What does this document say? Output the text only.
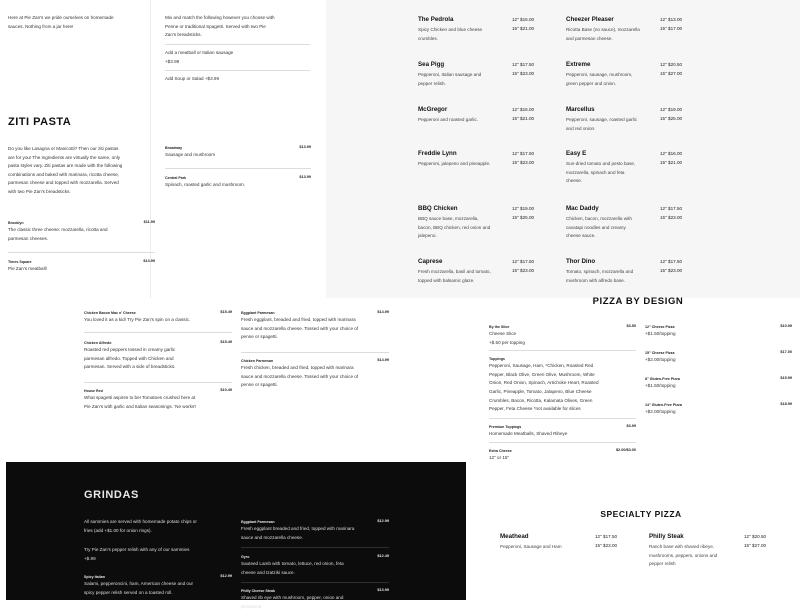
Here at Pie Zan's we pride ourselves on homemade sauces. Nothing from a jar here!
Mix and match the following however you choose with Penne or traditional Spagetti. Served with two Pie Zan's breadsticks.
Add a meatball or Italian sausage +$3.99
Add Soup or Salad +$3.99
ZITI PASTA
Do you like Lasagna or Manicotti? Then our ziti pastas are for you! The ingredients are virtually the same, only pasta styles vary. Ziti pastas are made with the following combinations and baked with marinara, ricotta cheese, parmesan cheese and topped with mozzarella. Served with two Pie Zan's breadsticks.
Brooklyn	$11.99
The classic three cheese: mozzarella, ricotta and parmesan cheeses.
Times Square	$13.99
Pie Zan's meatball!
Broadway	$13.99
Sausage and mushroom
Central Park	$13.99
Spinach, roasted garlic and mushroom.
The Pedrola
Spicy Chicken and blue cheese crumbles.
12" $16.00
15" $21.00
Cheezer Pleaser
Ricotta Base (no sauce), mozzarella and parmesan cheese.
12" $13.00
15" $17.00
Sea Pigg
Pepperoni, Italian sausage and pepper relish.
12" $17.50
15" $23.00
Extreme
Pepperoni, sausage, mushroom, green pepper and onion.
12" $20.50
15" $27.00
McGregor
Pepperoni and roasted garlic.
12" $16.00
15" $21.00
Marcellus
Pepperoni, sausage, roasted garlic and red onion.
12" $19.00
15" $25.00
Freddie Lynn
Pepperoni, jalepeno and pineapple.
12" $17.50
15" $23.00
Easy E
Sun-dried tomato and pesto base, mozzarella, spinach and feta cheese.
12" $16.00
15" $21.00
BBQ Chicken
BBQ sauce base, mozzarella, bacon, BBQ chicken, red onion and jalepeno.
12" $19.00
15" $25.00
Mac Daddy
Chicken, bacon, mozzarella with cavatapi noodles and creamy cheese sauce.
12" $17.50
15" $23.00
Caprese
Fresh mozzarella, basil and tomato, topped with balsamic glaze.
12" $17.50
15" $23.00
Thor Dino
Tomato, spinach, mozzarella and mushroom with alfredo base.
12" $17.50
15" $23.00
Chicken Bacon Mac n' Cheese	$15.49
You loved it as a kid! Try Pie Zan's spin on a classic.
Chicken Alfredo	$15.49
Roasted red peppers tossed in creamy garlic parmesan alfredo. Topped with Chicken and parmesan. Served with a side of breadsticks.
House Red	$10.49
What spagetti aspires to be! Tomatoes crushed here at Pie Zan's with garlic and Italian seasonings. 'Ne works'!
Eggplant Parmesan	$14.99
Fresh eggplant, breaded and fried, topped with marinara sauce and mozzarella cheese. Tossed with your choice of penne or spagetti.
Chicken Parmesan	$14.99
Fresh chicken, breaded and fried, topped with marinara sauce and mozzarella cheese. Tossed with your choice of penne or spagetti.
PIZZA BY DESIGN
By the Slice	$3.50
Cheese Slice
+$.50 per topping
Toppings
Pepperoni, Sausage, Ham, *Chicken, Roasted Red Pepper, Black Olive, Green Olive, Mushroom, White Onion, Red Onion, Spinach, Artichoke Heart, Roasted Garlic, Pineapple, Tomato, Jalapeno, Blue Cheese Crumbles, Bacon, Ricotta, Kalamata Olives, Green Pepper, Feta Cheese *not available for slices
Premium Toppings	$3.99
Homemade Meatballs, Shaved Ribeye
Extra Cheese	$2.00/$3.00
12" or 15"
12" Cheese Pizza	$10.99
+$1.50/topping
15" Cheese Pizza	$17.00
+$2.00/topping
8" Gluten-Free Pizza	$15.99
+$1.50/topping
14" Gluten-Free Pizza	$18.99
+$2.00/topping
GRINDAS
All sammies are served with homemade potato chips or fries (add +$1.00 for onion rings).
Try Pie Zan's pepper relish with any of our sammies +$.99
Spicy Italian	$12.99
Salami, pepperoncini, ham, American cheese and our spicy pepper relish served on a toasted roll.
Eggplant Parmesan	$12.99
Fresh eggplant breaded and fried, topped with marinara sauce and mozzarella cheese.
Gyro	$12.49
Sauteed Lamb with tomato, lettuce, red onion, feta cheese and tzatziki sauce.
Philly Cheese Steak	$13.99
Shaved rib eye with mushroom, pepper, onion and provolone.
SPECIALTY PIZZA
Meathead
Pepperoni, Sausage and Ham
12" $17.50
15" $23.00
Philly Steak
Ranch base with shaved ribeye, mushrooms, peppers, onions and pepper relish
12" $20.50
15" $27.00
